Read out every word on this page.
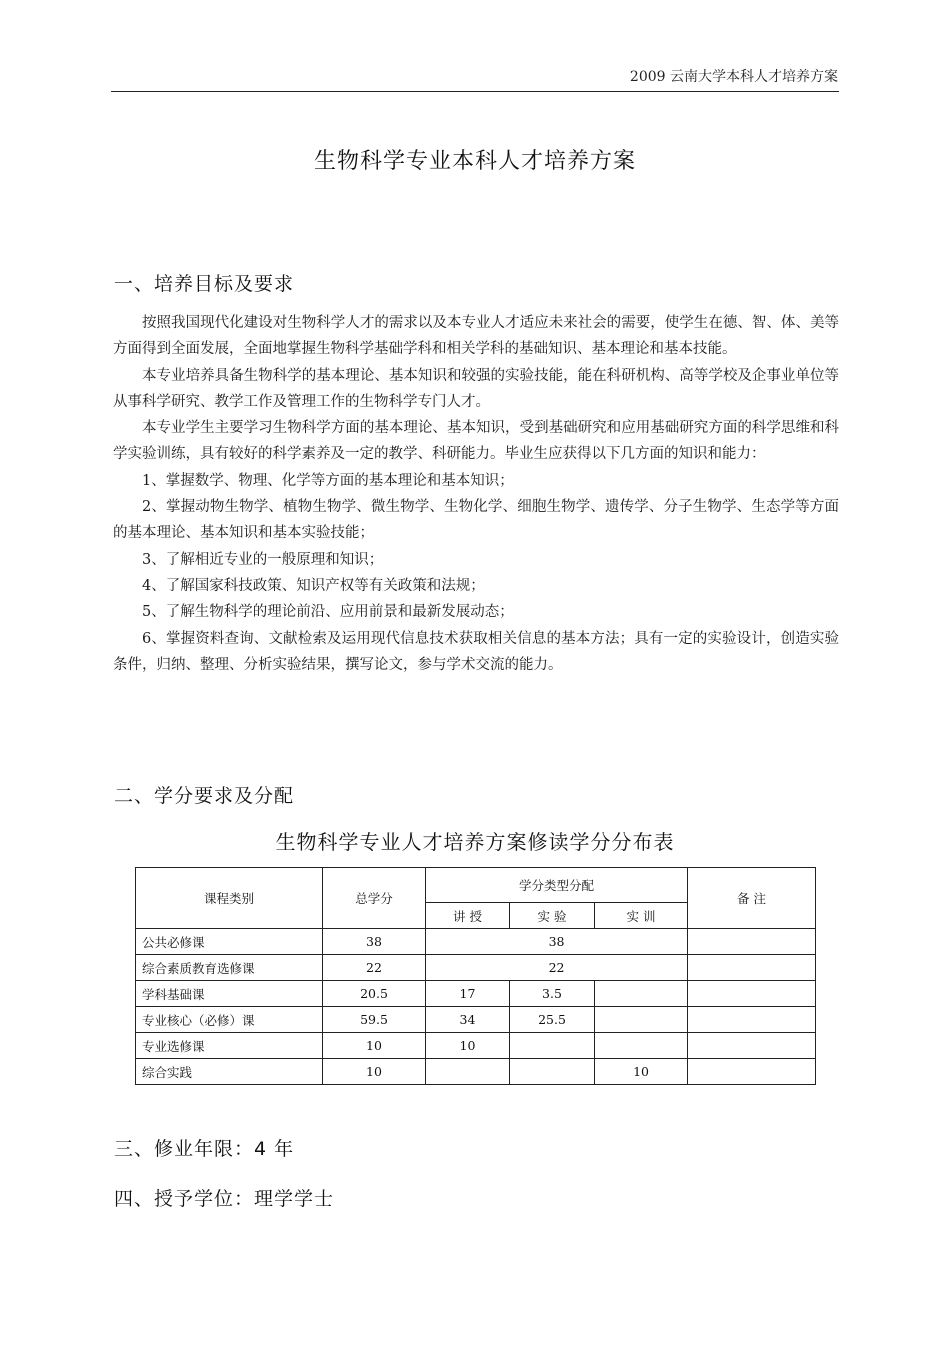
2009 云南大学本科人才培养方案
生物科学专业本科人才培养方案
一、培养目标及要求

按照我国现代化建设对生物科学人才的需求以及本专业人才适应未来社会的需要，使学生在德、智、体、美等方面得到全面发展，全面地掌握生物科学基础学科和相关学科的基础知识、基本理论和基本技能。

本专业培养具备生物科学的基本理论、基本知识和较强的实验技能，能在科研机构、高等学校及企事业单位等从事科学研究、教学工作及管理工作的生物科学专门人才。

本专业学生主要学习生物科学方面的基本理论、基本知识，受到基础研究和应用基础研究方面的科学思维和科学实验训练，具有较好的科学素养及一定的教学、科研能力。毕业生应获得以下几方面的知识和能力：

1、掌握数学、物理、化学等方面的基本理论和基本知识；

2、掌握动物生物学、植物生物学、微生物学、生物化学、细胞生物学、遗传学、分子生物学、生态学等方面的基本理论、基本知识和基本实验技能；

3、了解相近专业的一般原理和知识；

4、了解国家科技政策、知识产权等有关政策和法规；

5、了解生物科学的理论前沿、应用前景和最新发展动态；

6、掌握资料查询、文献检索及运用现代信息技术获取相关信息的基本方法；具有一定的实验设计，创造实验条件，归纳、整理、分析实验结果，撰写论文，参与学术交流的能力。

二、学分要求及分配
生物科学专业人才培养方案修读学分分布表
课程类别	总学分	学分类型分配			备 注
		讲 授	实 验	实 训	
公共必修课	38	38			
综合素质教育选修课	22	22			
学科基础课	20.5	17	3.5		
专业核心（必修）课	59.5	34	25.5		
专业选修课	10	10			
综合实践	10			10	
三、修业年限：4 年
四、授予学位：理学学士
